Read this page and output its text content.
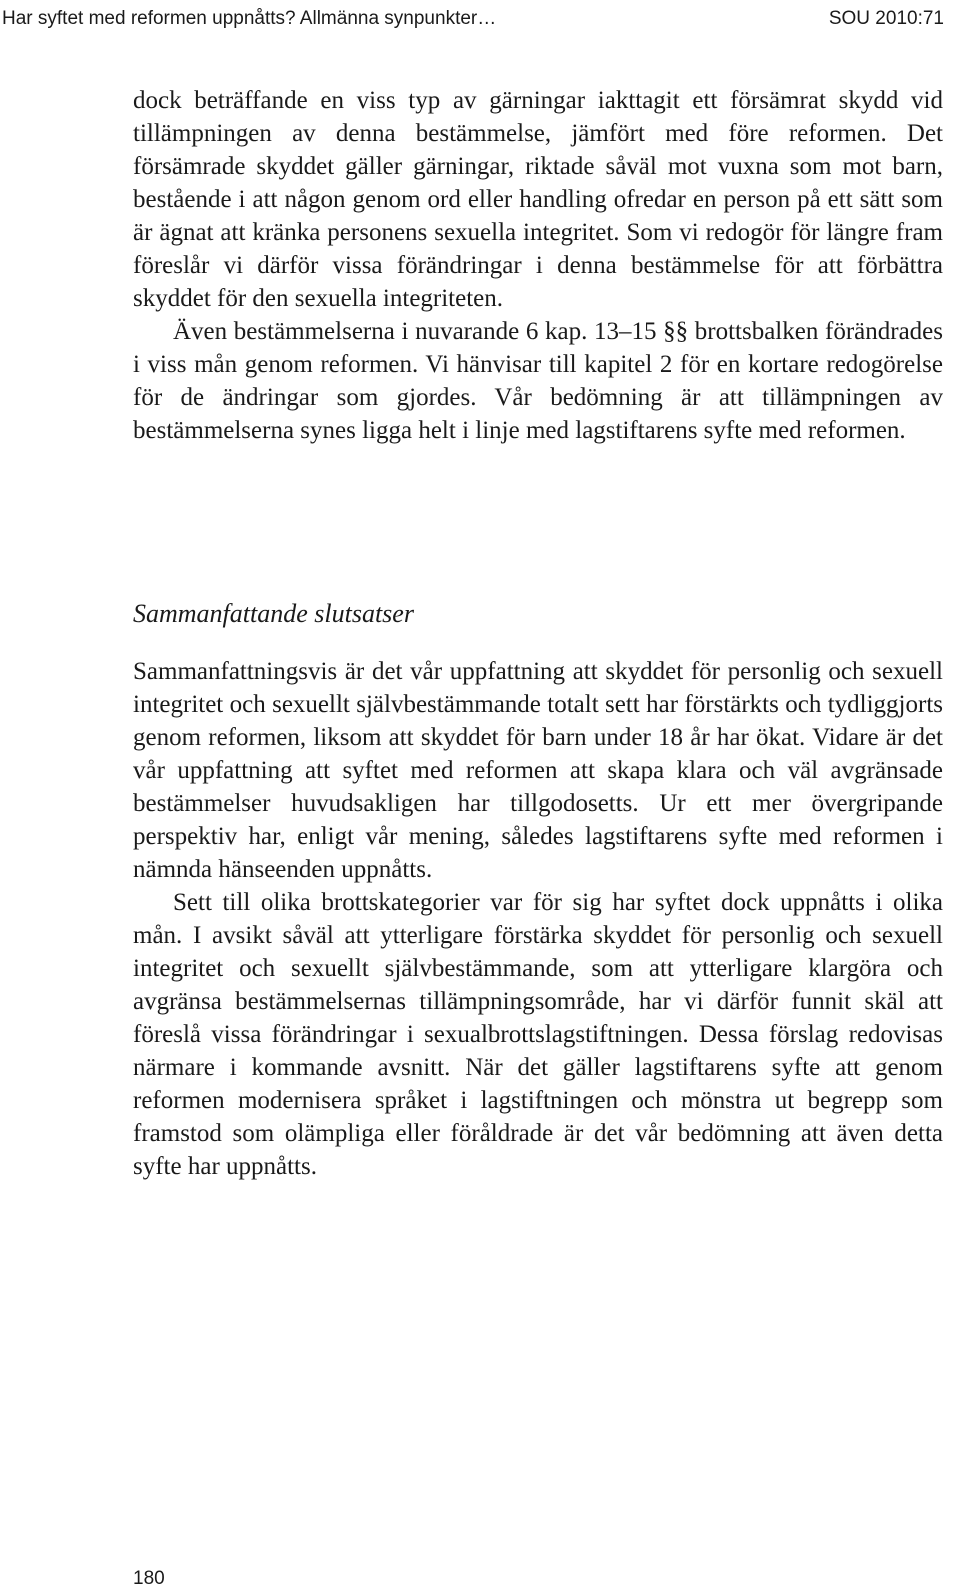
Har syftet med reformen uppnåtts? Allmänna synpunkter…	SOU 2010:71

dock beträffande en viss typ av gärningar iakttagit ett försämrat skydd vid tillämpningen av denna bestämmelse, jämfört med före reformen. Det försämrade skyddet gäller gärningar, riktade såväl mot vuxna som mot barn, bestående i att någon genom ord eller handling ofredar en person på ett sätt som är ägnat att kränka personens sexuella integritet. Som vi redogör för längre fram föreslår vi därför vissa förändringar i denna bestämmelse för att förbättra skyddet för den sexuella integriteten.

Även bestämmelserna i nuvarande 6 kap. 13–15 §§ brottsbalken förändrades i viss mån genom reformen. Vi hänvisar till kapitel 2 för en kortare redogörelse för de ändringar som gjordes. Vår bedömning är att tillämpningen av bestämmelserna synes ligga helt i linje med lagstiftarens syfte med reformen.

Sammanfattande slutsatser

Sammanfattningsvis är det vår uppfattning att skyddet för personlig och sexuell integritet och sexuellt självbestämmande totalt sett har förstärkts och tydliggjorts genom reformen, liksom att skyddet för barn under 18 år har ökat. Vidare är det vår uppfattning att syftet med reformen att skapa klara och väl avgränsade bestämmelser huvudsakligen har tillgodosetts. Ur ett mer övergripande perspektiv har, enligt vår mening, således lagstiftarens syfte med reformen i nämnda hänseenden uppnåtts.

Sett till olika brottskategorier var för sig har syftet dock uppnåtts i olika mån. I avsikt såväl att ytterligare förstärka skyddet för personlig och sexuell integritet och sexuellt självbestämmande, som att ytterligare klargöra och avgränsa bestämmelsernas tillämpningsområde, har vi därför funnit skäl att föreslå vissa förändringar i sexualbrottslagstiftningen. Dessa förslag redovisas närmare i kommande avsnitt. När det gäller lagstiftarens syfte att genom reformen modernisera språket i lagstiftningen och mönstra ut begrepp som framstod som olämpliga eller föråldrade är det vår bedömning att även detta syfte har uppnåtts.

180
